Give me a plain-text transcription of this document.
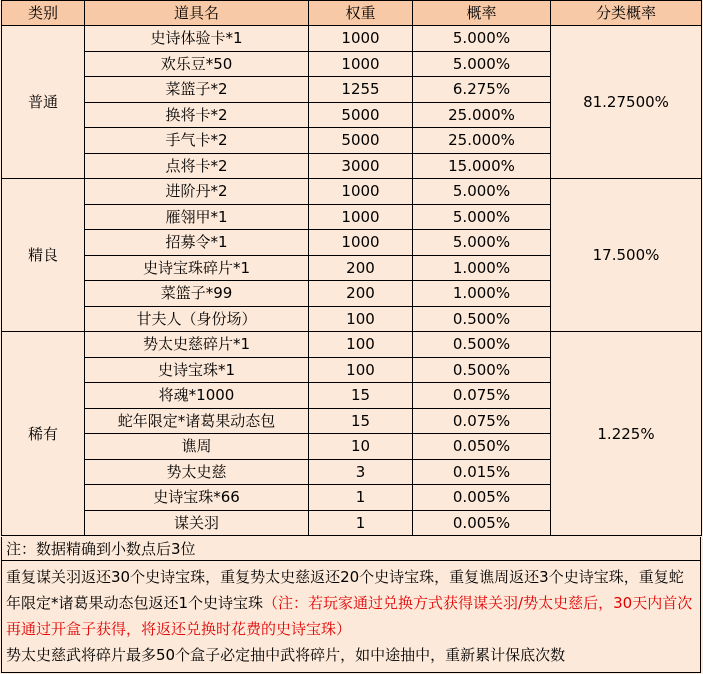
类别	道具名	权重	概率	分类概率
普通	史诗体验卡*1	1000	5.000%	81.27500%
	欢乐豆*50	1000	5.000%	
	菜篮子*2	1255	6.275%	
	换将卡*2	5000	25.000%	
	手气卡*2	5000	25.000%	
	点将卡*2	3000	15.000%	
精良	进阶丹*2	1000	5.000%	17.500%
	雁翎甲*1	1000	5.000%	
	招募令*1	1000	5.000%	
	史诗宝珠碎片*1	200	1.000%	
	菜篮子*99	200	1.000%	
	甘夫人（身份场）	100	0.500%	
稀有	势太史慈碎片*1	100	0.500%	1.225%
	史诗宝珠*1	100	0.500%	
	将魂*1000	15	0.075%	
	蛇年限定*诸葛果动态包	15	0.075%	
	谯周	10	0.050%	
	势太史慈	3	0.015%	
	史诗宝珠*66	1	0.005%	
	谋关羽	1	0.005%	
注：数据精确到小数点后3位
重复谋关羽返还30个史诗宝珠，重复势太史慈返还20个史诗宝珠，重复谯周返还3个史诗宝珠，重复蛇年限定*诸葛果动态包返还1个史诗宝珠（注：若玩家通过兑换方式获得谋关羽/势太史慈后，30天内首次再通过开盒子获得，将返还兑换时花费的史诗宝珠）
势太史慈武将碎片最多50个盒子必定抽中武将碎片，如中途抽中，重新累计保底次数
